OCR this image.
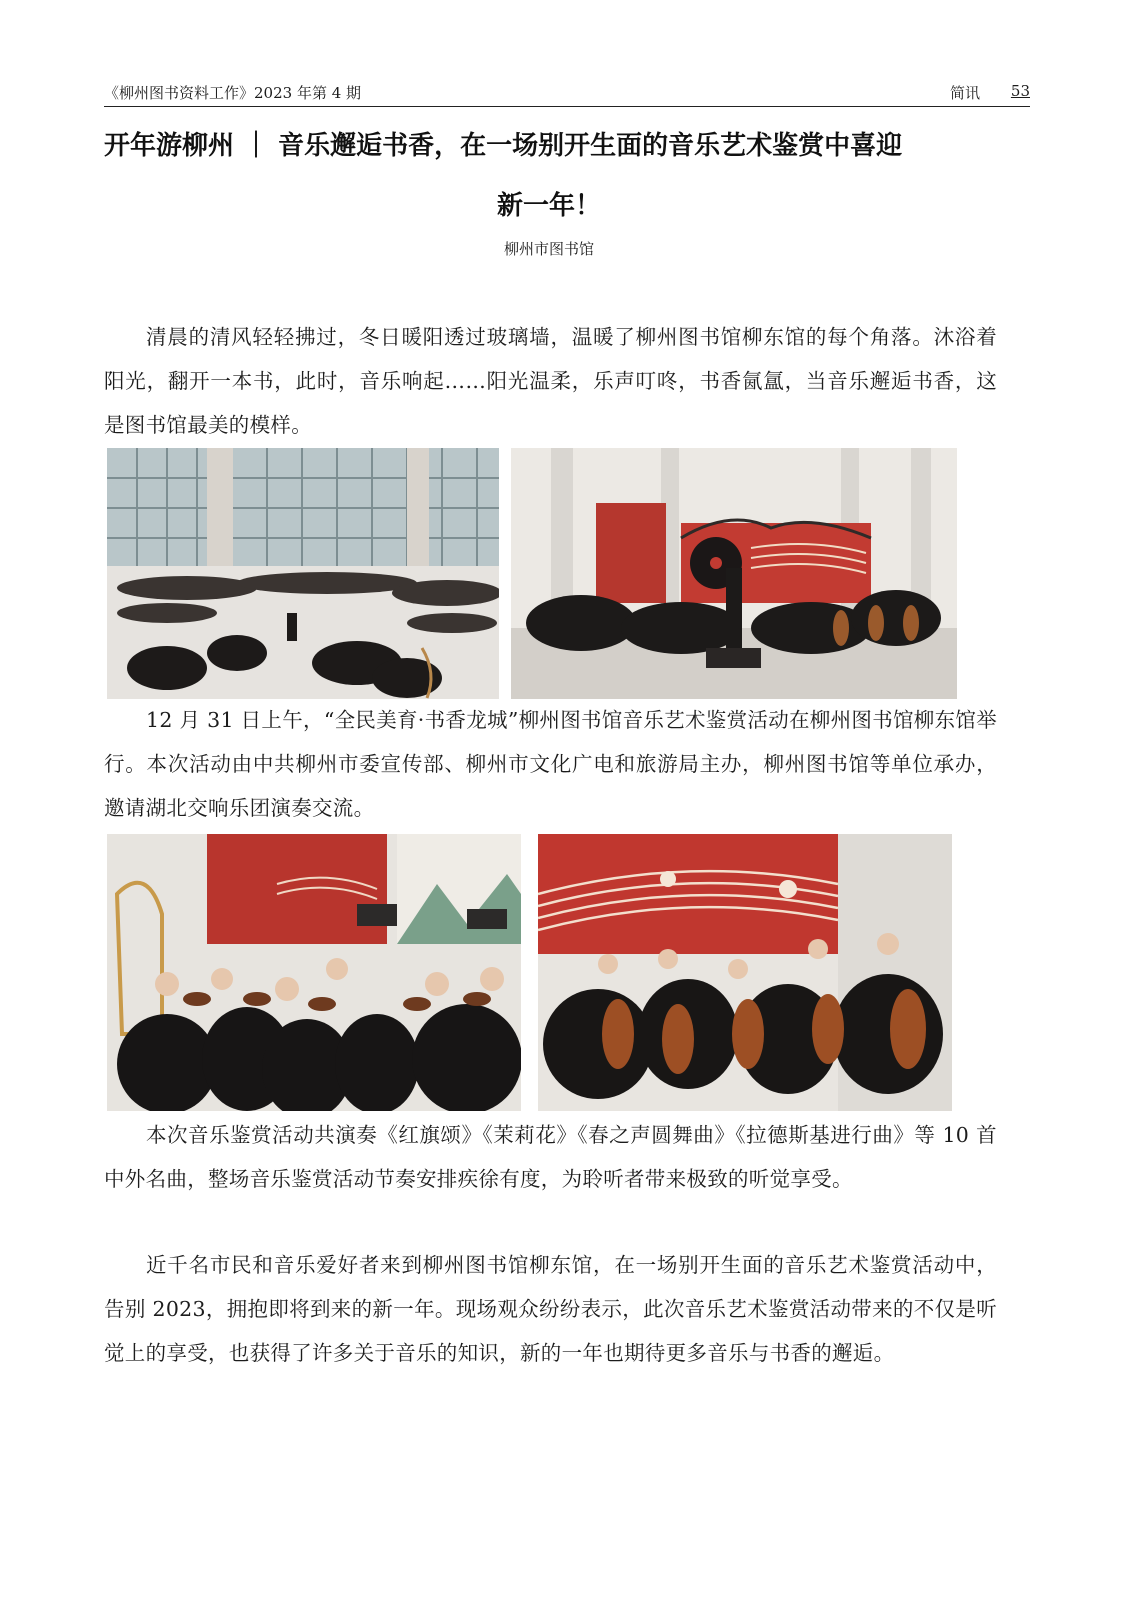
《柳州图书资料工作》2023 年第 4 期	简讯 53
开年游柳州 ｜ 音乐邂逅书香，在一场别开生面的音乐艺术鉴赏中喜迎
新一年！
柳州市图书馆

清晨的清风轻轻拂过，冬日暖阳透过玻璃墙，温暖了柳州图书馆柳东馆的每个角落。沐浴着阳光，翻开一本书，此时，音乐响起……阳光温柔，乐声叮咚，书香氤氲，当音乐邂逅书香，这是图书馆最美的模样。

12 月 31 日上午，“全民美育·书香龙城”柳州图书馆音乐艺术鉴赏活动在柳州图书馆柳东馆举行。本次活动由中共柳州市委宣传部、柳州市文化广电和旅游局主办，柳州图书馆等单位承办，邀请湖北交响乐团演奏交流。

本次音乐鉴赏活动共演奏《红旗颂》《茉莉花》《春之声圆舞曲》《拉德斯基进行曲》等 10 首中外名曲，整场音乐鉴赏活动节奏安排疾徐有度，为聆听者带来极致的听觉享受。

近千名市民和音乐爱好者来到柳州图书馆柳东馆，在一场别开生面的音乐艺术鉴赏活动中，告别 2023，拥抱即将到来的新一年。现场观众纷纷表示，此次音乐艺术鉴赏活动带来的不仅是听觉上的享受，也获得了许多关于音乐的知识，新的一年也期待更多音乐与书香的邂逅。
